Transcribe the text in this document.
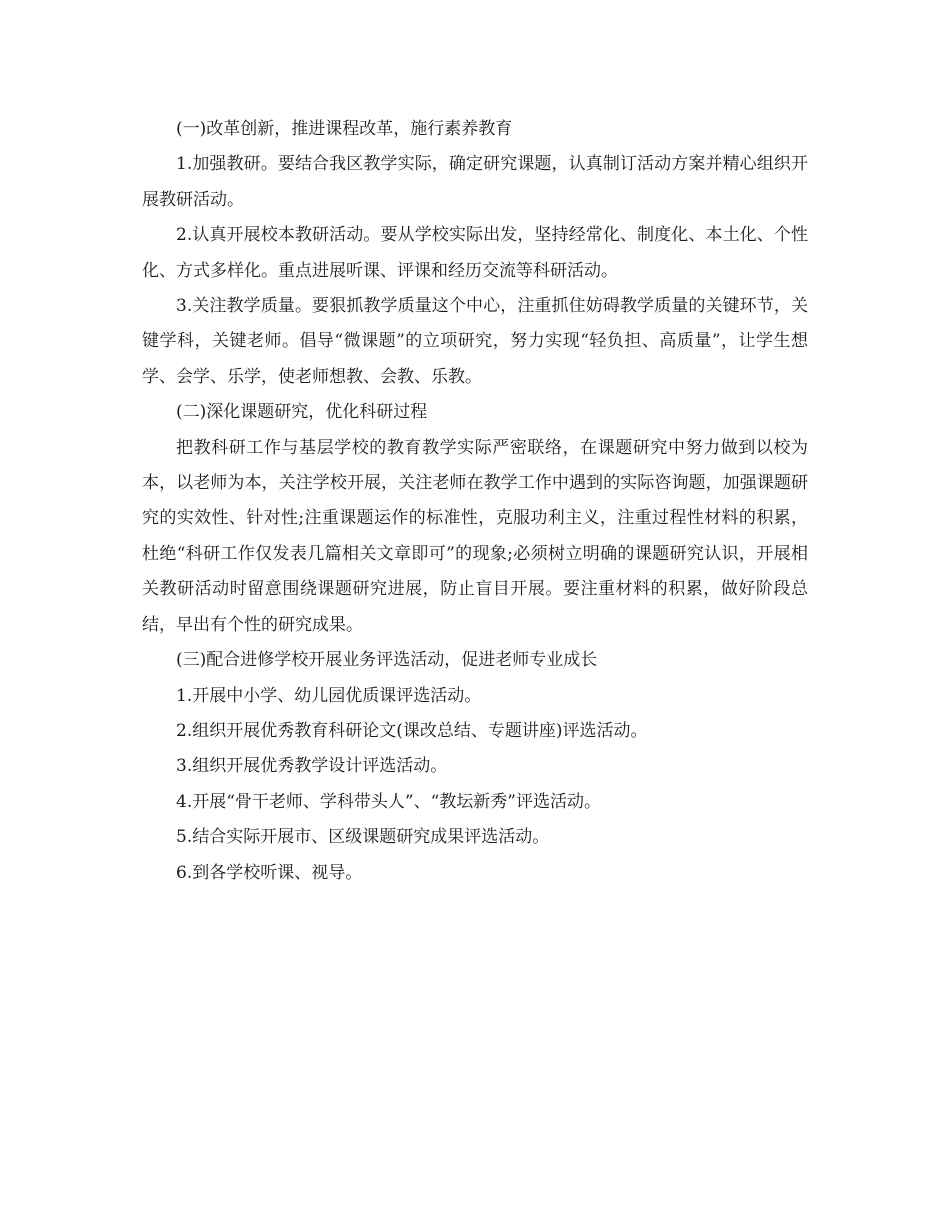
(一)改革创新，推进课程改革，施行素养教育

1.加强教研。要结合我区教学实际，确定研究课题，认真制订活动方案并精心组织开展教研活动。

2.认真开展校本教研活动。要从学校实际出发，坚持经常化、制度化、本土化、个性化、方式多样化。重点进展听课、评课和经历交流等科研活动。

3.关注教学质量。要狠抓教学质量这个中心，注重抓住妨碍教学质量的关键环节，关键学科，关键老师。倡导“微课题”的立项研究，努力实现“轻负担、高质量”，让学生想学、会学、乐学，使老师想教、会教、乐教。

(二)深化课题研究，优化科研过程

把教科研工作与基层学校的教育教学实际严密联络，在课题研究中努力做到以校为本，以老师为本，关注学校开展，关注老师在教学工作中遇到的实际咨询题，加强课题研究的实效性、针对性;注重课题运作的标准性，克服功利主义，注重过程性材料的积累，杜绝“科研工作仅发表几篇相关文章即可”的现象;必须树立明确的课题研究认识，开展相关教研活动时留意围绕课题研究进展，防止盲目开展。要注重材料的积累，做好阶段总结，早出有个性的研究成果。

(三)配合进修学校开展业务评选活动，促进老师专业成长

1.开展中小学、幼儿园优质课评选活动。

2.组织开展优秀教育科研论文(课改总结、专题讲座)评选活动。

3.组织开展优秀教学设计评选活动。

4.开展“骨干老师、学科带头人”、“教坛新秀”评选活动。

5.结合实际开展市、区级课题研究成果评选活动。

6.到各学校听课、视导。
